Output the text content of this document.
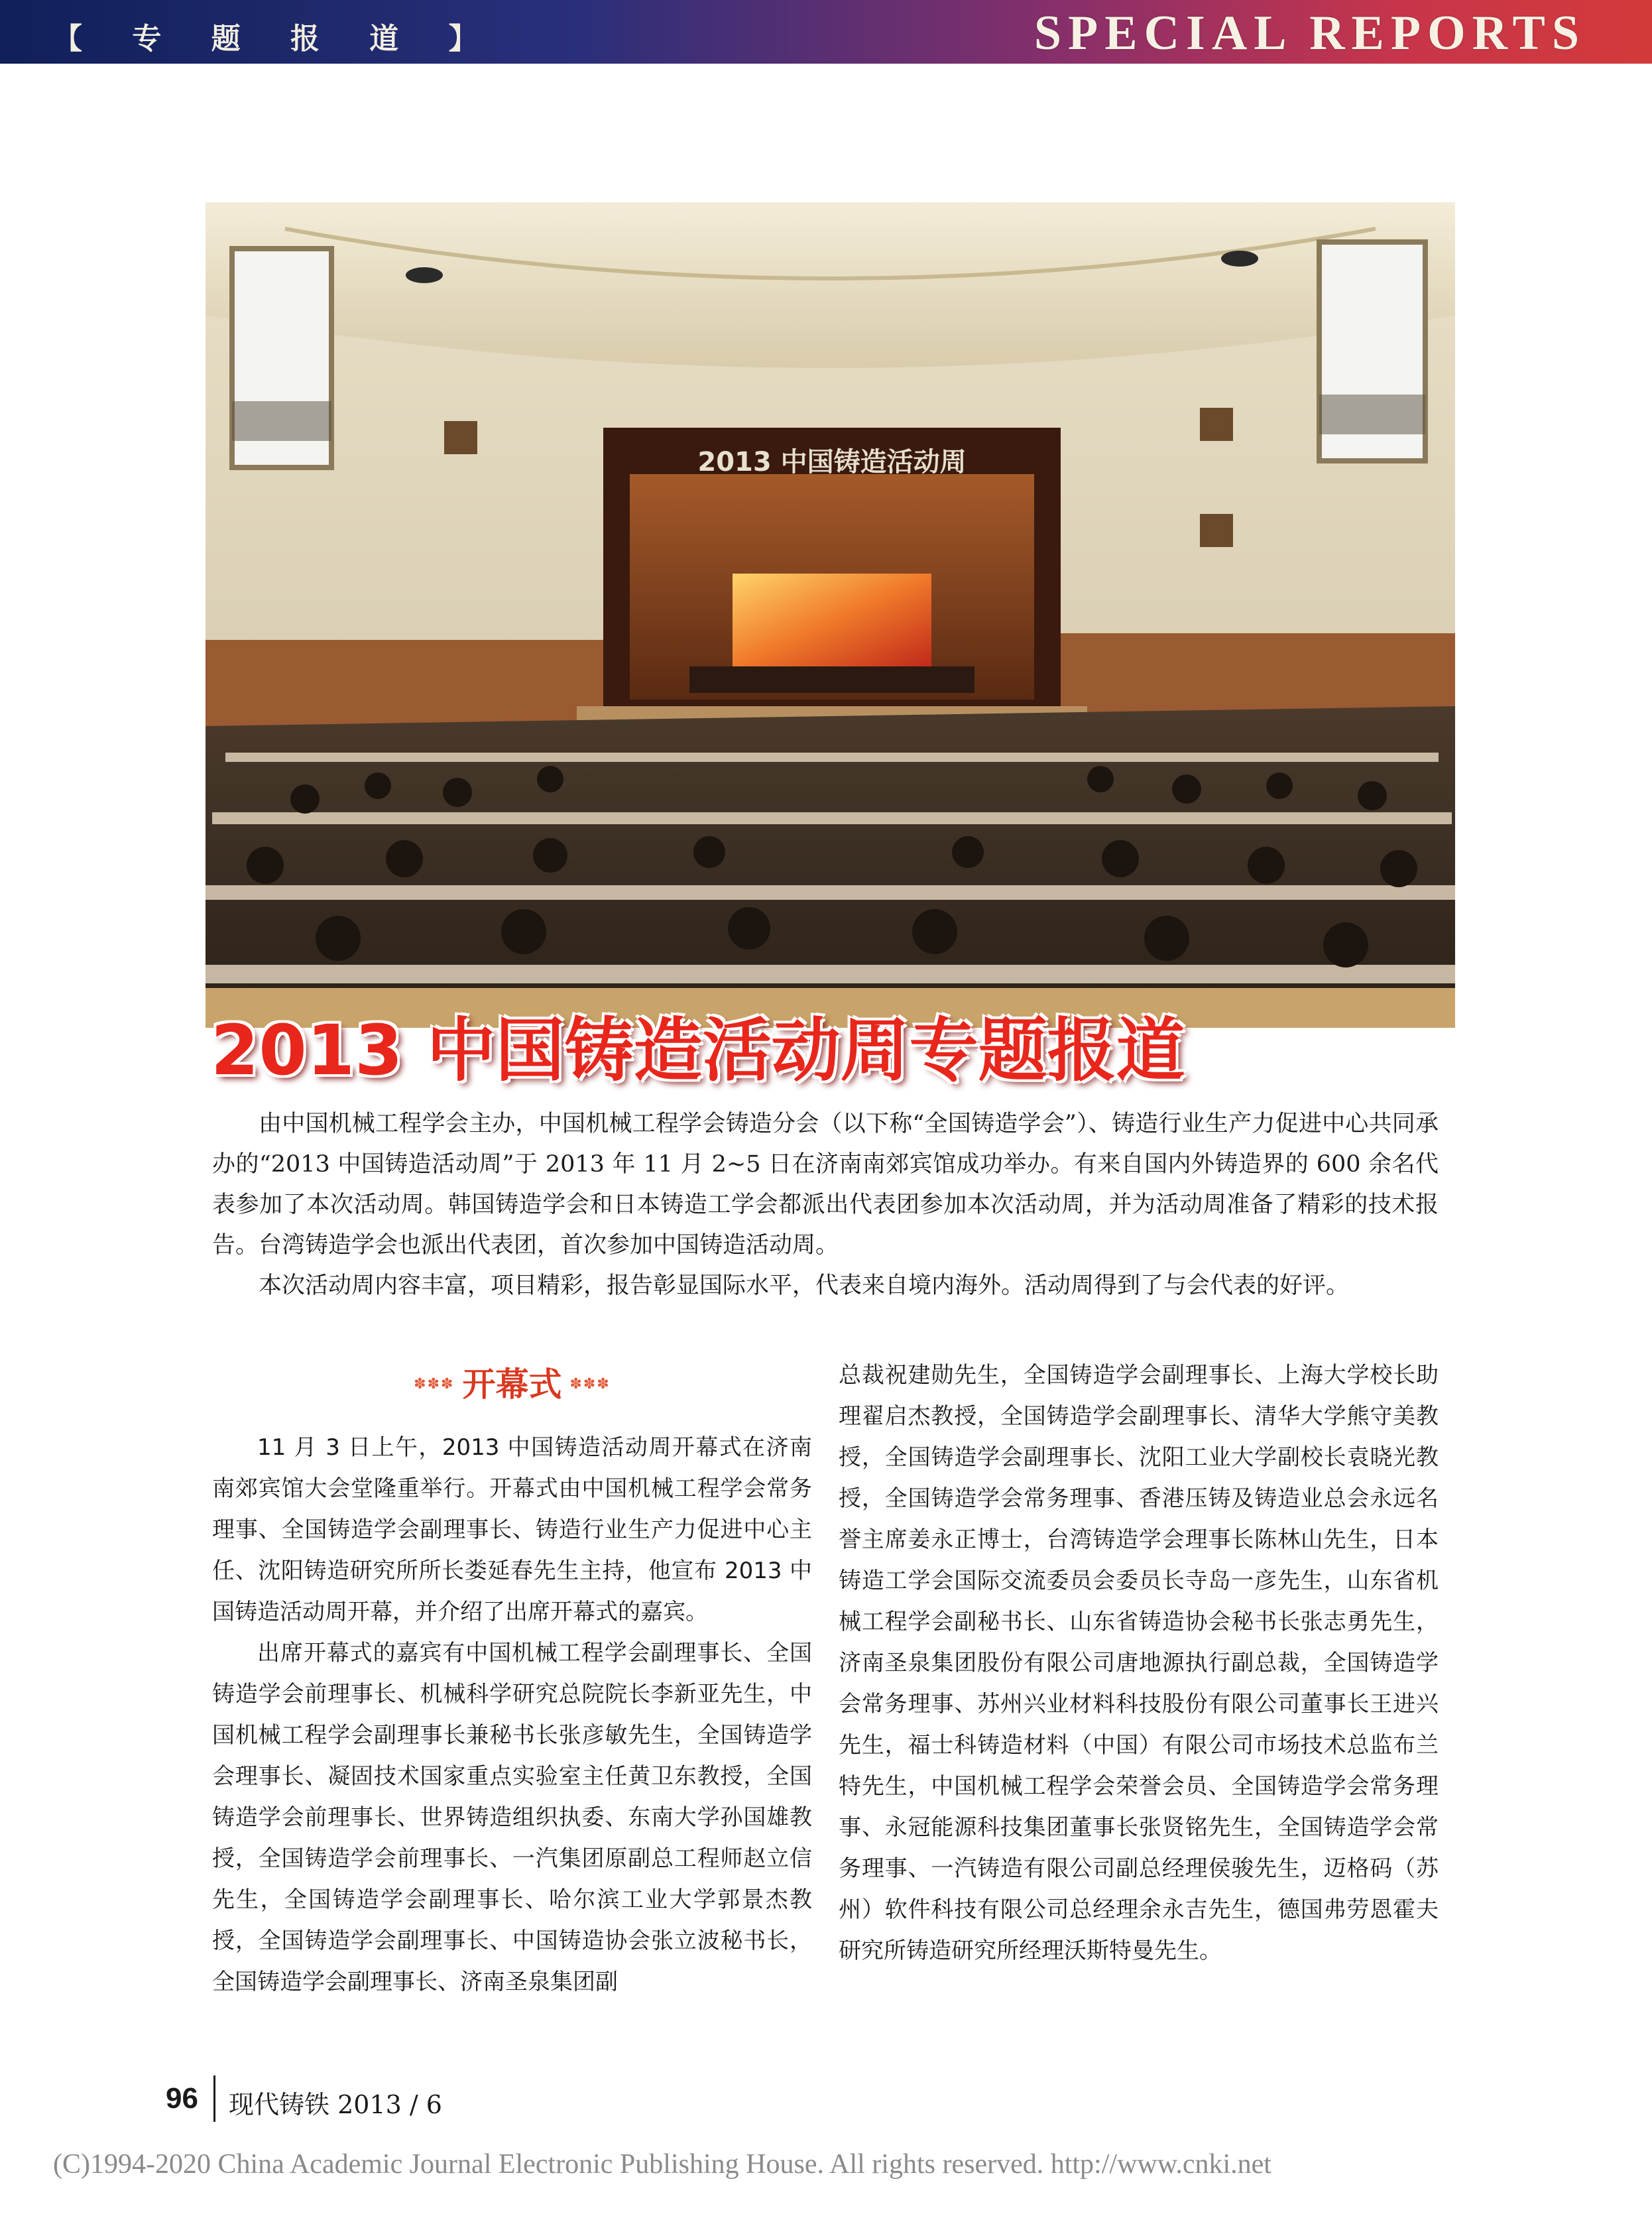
【 专 题 报 道 】	SPECIAL REPORTS
2013 中国铸造活动周
2013 中国铸造活动周专题报道

由中国机械工程学会主办，中国机械工程学会铸造分会（以下称“全国铸造学会”）、铸造行业生产力促进中心共同承办的“2013 中国铸造活动周”于 2013 年 11 月 2~5 日在济南南郊宾馆成功举办。有来自国内外铸造界的 600 余名代表参加了本次活动周。韩国铸造学会和日本铸造工学会都派出代表团参加本次活动周，并为活动周准备了精彩的技术报告。台湾铸造学会也派出代表团，首次参加中国铸造活动周。

本次活动周内容丰富，项目精彩，报告彰显国际水平，代表来自境内海外。活动周得到了与会代表的好评。

✽✽✽ 开幕式 ✽✽✽

11 月 3 日上午，2013 中国铸造活动周开幕式在济南南郊宾馆大会堂隆重举行。开幕式由中国机械工程学会常务理事、全国铸造学会副理事长、铸造行业生产力促进中心主任、沈阳铸造研究所所长娄延春先生主持，他宣布 2013 中国铸造活动周开幕，并介绍了出席开幕式的嘉宾。

出席开幕式的嘉宾有中国机械工程学会副理事长、全国铸造学会前理事长、机械科学研究总院院长李新亚先生，中国机械工程学会副理事长兼秘书长张彦敏先生，全国铸造学会理事长、凝固技术国家重点实验室主任黄卫东教授，全国铸造学会前理事长、世界铸造组织执委、东南大学孙国雄教授，全国铸造学会前理事长、一汽集团原副总工程师赵立信先生，全国铸造学会副理事长、哈尔滨工业大学郭景杰教授，全国铸造学会副理事长、中国铸造协会张立波秘书长，全国铸造学会副理事长、济南圣泉集团副

总裁祝建勋先生，全国铸造学会副理事长、上海大学校长助理翟启杰教授，全国铸造学会副理事长、清华大学熊守美教授，全国铸造学会副理事长、沈阳工业大学副校长袁晓光教授，全国铸造学会常务理事、香港压铸及铸造业总会永远名誉主席姜永正博士，台湾铸造学会理事长陈林山先生，日本铸造工学会国际交流委员会委员长寺岛一彦先生，山东省机械工程学会副秘书长、山东省铸造协会秘书长张志勇先生，济南圣泉集团股份有限公司唐地源执行副总裁，全国铸造学会常务理事、苏州兴业材料科技股份有限公司董事长王进兴先生，福士科铸造材料（中国）有限公司市场技术总监布兰特先生，中国机械工程学会荣誉会员、全国铸造学会常务理事、永冠能源科技集团董事长张贤铭先生，全国铸造学会常务理事、一汽铸造有限公司副总经理侯骏先生，迈格码（苏州）软件科技有限公司总经理余永吉先生，德国弗劳恩霍夫研究所铸造研究所经理沃斯特曼先生。
96 现代铸铁 2013 / 6
(C)1994-2020 China Academic Journal Electronic Publishing House. All rights reserved. http://www.cnki.net
